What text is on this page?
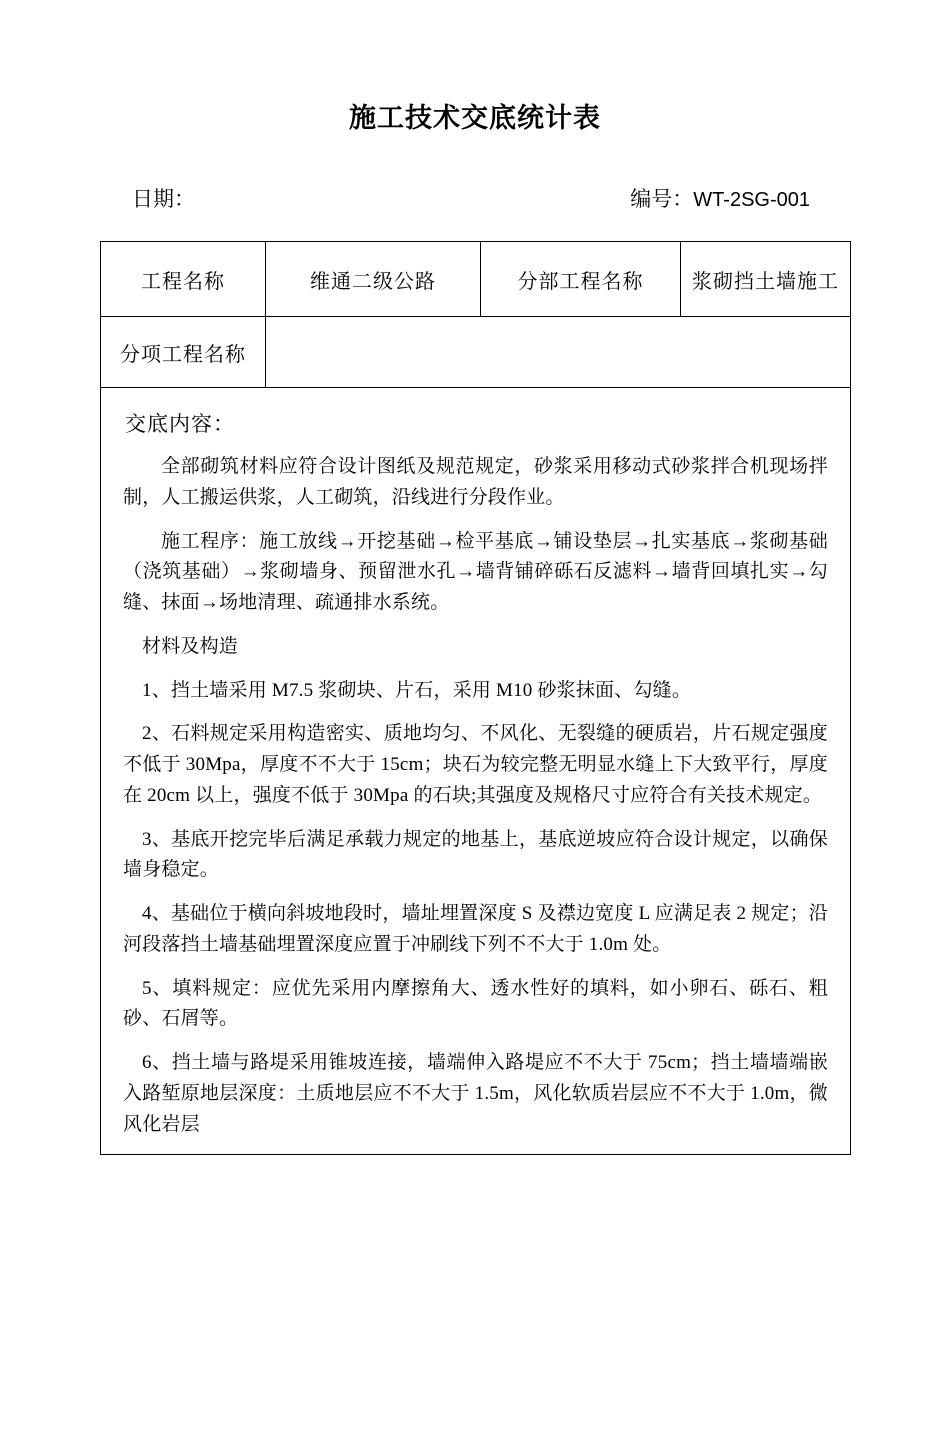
施工技术交底统计表
日期：	编号：WT-2SG-001
工程名称	维通二级公路	分部工程名称	浆砌挡土墙施工
分项工程名称			

交底内容：

全部砌筑材料应符合设计图纸及规范规定，砂浆采用移动式砂浆拌合机现场拌制，人工搬运供浆，人工砌筑，沿线进行分段作业。

施工程序：施工放线→开挖基础→检平基底→铺设垫层→扎实基底→浆砌基础（浇筑基础）→浆砌墙身、预留泄水孔→墙背铺碎砾石反滤料→墙背回填扎实→勾缝、抹面→场地清理、疏通排水系统。

材料及构造

1、挡土墙采用 M7.5 浆砌块、片石，采用 M10 砂浆抹面、勾缝。

2、石料规定采用构造密实、质地均匀、不风化、无裂缝的硬质岩，片石规定强度不低于 30Mpa，厚度不不大于 15cm；块石为较完整无明显水缝上下大致平行，厚度在 20cm 以上，强度不低于 30Mpa 的石块;其强度及规格尺寸应符合有关技术规定。

3、基底开挖完毕后满足承载力规定的地基上，基底逆坡应符合设计规定，以确保墙身稳定。

4、基础位于横向斜坡地段时，墙址埋置深度 S 及襟边宽度 L 应满足表 2 规定；沿河段落挡土墙基础埋置深度应置于冲刷线下列不不大于 1.0m 处。

5、填料规定：应优先采用内摩擦角大、透水性好的填料，如小卵石、砾石、粗砂、石屑等。

6、挡土墙与路堤采用锥坡连接，墙端伸入路堤应不不大于 75cm；挡土墙墙端嵌入路堑原地层深度：土质地层应不不大于 1.5m，风化软质岩层应不不大于 1.0m，微风化岩层
